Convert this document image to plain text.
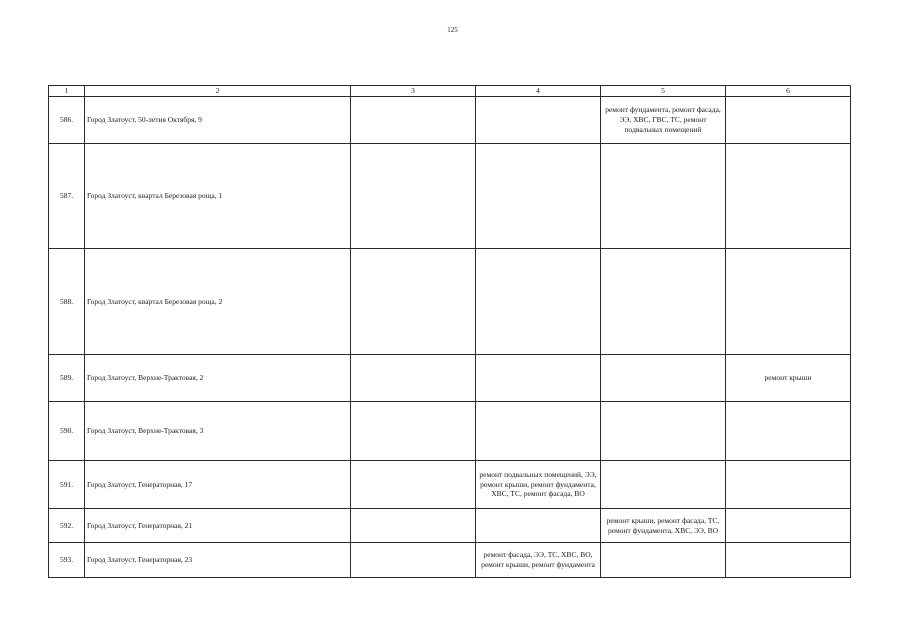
125
1	2	3	4	5	6
586.	Город Златоуст, 50-летия Октября, 9			ремонт фундамента, ремонт фасада, ЭЭ, ХВС, ГВС, ТС, ремонт подвальных помещений	
587.	Город Златоуст, квартал Березовая роща, 1				
588.	Город Златоуст, квартал Березовая роща, 2				
589.	Город Златоуст, Верхне-Трактовая, 2				ремонт крыши
590.	Город Златоуст, Верхне-Трактовая, 3				
591.	Город Златоуст, Генераторная, 17		ремонт подвальных помещений, ЭЭ, ремонт крыши, ремонт фундамента, ХВС, ТС, ремонт фасада, ВО		
592.	Город Златоуст, Генераторная, 21			ремонт крыши, ремонт фасада, ТС, ремонт фундамента, ХВС, ЭЭ, ВО	
593.	Город Златоуст, Генераторная, 23		ремонт фасада, ЭЭ, ТС, ХВС, ВО, ремонт крыши, ремонт фундамента		
